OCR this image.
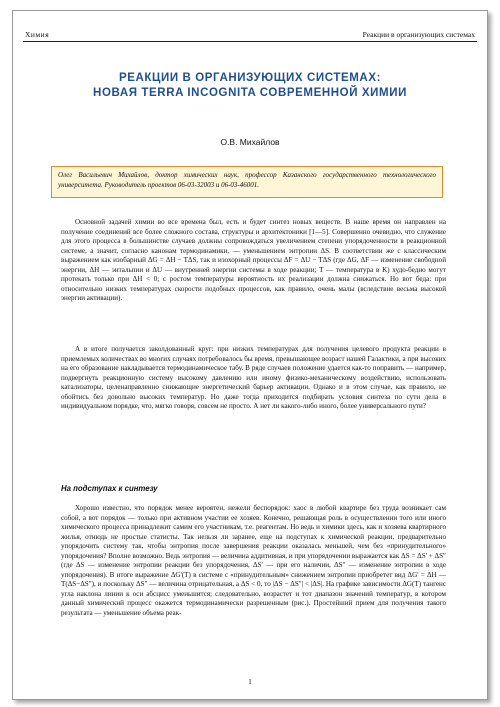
Химия	Реакции в организующих системах
РЕАКЦИИ В ОРГАНИЗУЮЩИХ СИСТЕМАХ:
НОВАЯ TERRA INCOGNITA СОВРЕМЕННОЙ ХИМИИ
О.В. Михайлов
Олег Васильевич Михайлов, доктор химических наук, профессор Казанского государственного технологического университета. Руководитель проектов 06-03-32003 и 06-03-46001.

Основной задачей химии во все времена был, есть и будет синтез новых веществ. В наше время он направлен на получение соединений все более сложного состава, структуры и архитектоники [1—5]. Совершенно очевидно, что служение для этого процесса в большинстве случаев должны сопровождаться увеличением степени упорядоченности в реакционной системе, а значит, согласно канонам термодинамики, — уменьшением энтропии ΔS. В соответствии же с классическим выражением как изобарный ΔG = ΔH − TΔS, так и изохорный процессы ΔF = ΔU − TΔS (где ΔG, ΔF — изменение свободной энергии, ΔH — энтальпии и ΔU — внутренней энергии системы в ходе реакции; T — температура в K) худо-бедно могут протекать только при ΔH < 0; с ростом температуры вероятность их реализации должна снижаться. Но вот беда: при относительно низких температурах скорости подобных процессов, как правило, очень малы (вследствие весьма высокой энергии активации).

А в итоге получается заколдованный круг: при низких температурах для получения целевого продукта реакции в приемлемых количествах во многих случаях потребовалось бы время, превышающее возраст нашей Галактики, а при высоких на его образование накладывается термодинамическое табу. В ряде случаев положение удается как-то поправить — например, подвергнуть реакционную систему высокому давлению или иному физико-механическому воздействию, использовать катализаторы, целенаправленно снижающие энергетический барьер активации. Однако и в этом случае, как правило, не обойтись без довольно высоких температур. Но даже тогда приходится подбирать условия синтеза по сути дела в индивидуальном порядке, что, мягко говоря, совсем не просто. А нет ли какого-либо иного, более универсального пути?

На подступах к синтезу

Хорошо известно, что порядок менее вероятен, нежели беспорядок: хаос в любой квартире без труда возникает сам собой, а вот порядок — только при активном участии ее хозяев. Конечно, решающая роль в осуществлении того или иного химического процесса принадлежит самим его участникам, т.е. реагентам. Но ведь и химики здесь, как и хозяева квартирного жилья, отнюдь не простые статисты. Так нельзя ли заранее, еще на подступах к химической реакции, предварительно упорядочить систему так, чтобы энтропия после завершения реакции оказалась меньшей, чем без «принудительного» упорядочения? Вполне возможно. Ведь энтропия — величина аддитивная, и при упорядочении выражается как ΔS = ΔS' + ΔS″ (где ΔS — изменение энтропии реакции без упорядочения, ΔS' — при его наличии, ΔS″ — изменение энтропии в ходе упорядочения). В итоге выражение ΔG'(T) в системе с «принудительным» снижением энтропии приобретет вид ΔG' = ΔH — T(ΔS−ΔS″), и поскольку ΔS″ — величина отрицательная, а ΔS < 0, то |ΔS − ΔS″| < |ΔS|. На графике зависимости ΔG(T) тангенс угла наклона линии к оси абсцисс уменьшится; следовательно, возрастет и тот диапазон значений температур, в котором данный химический процесс окажется термодинамически разрешенным (рис.). Простейший прием для получения такого результата — уменьшение объема реак-

1
